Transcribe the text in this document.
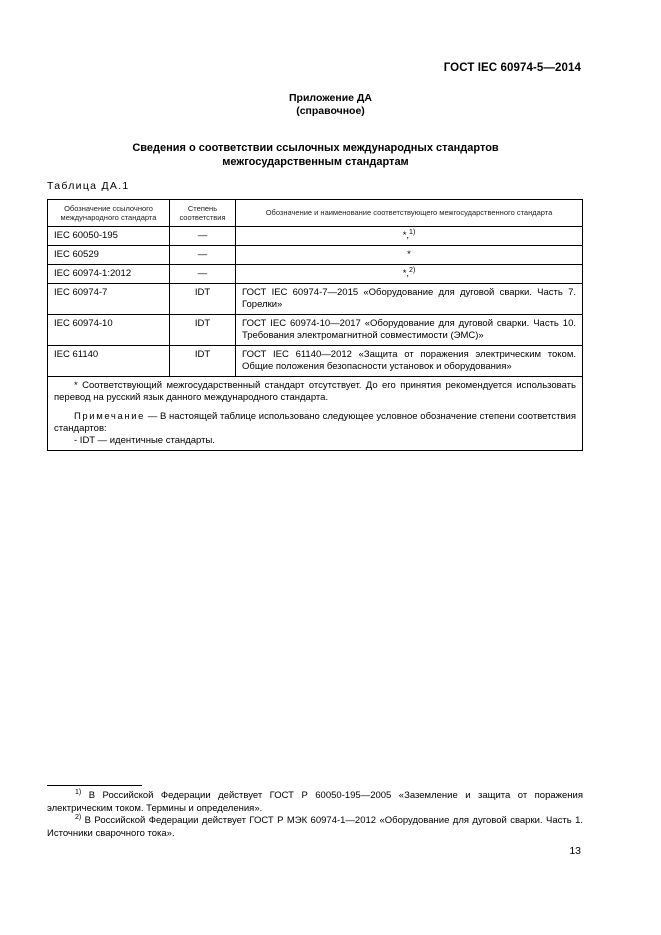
ГОСТ IEC 60974-5—2014
Приложение ДА
(справочное)
Сведения о соответствии ссылочных международных стандартов
межгосударственным стандартам
Таблица ДА.1
Обозначение ссылочного международного стандарта	Степень соответствия	Обозначение и наименование соответствующего межгосударственного стандарта
IEC 60050-195	—	*,$^{1)}$
IEC 60529	—	*
IEC 60974-1:2012	—	*,$^{2)}$
IEC 60974-7	IDT	ГОСТ IEC 60974-7—2015 «Оборудование для дуговой сварки. Часть 7. Горелки»
IEC 60974-10	IDT	ГОСТ IEC 60974-10—2017 «Оборудование для дуговой сварки. Часть 10. Требования электромагнитной совместимости (ЭМС)»
IEC 61140	IDT	ГОСТ IEC 61140—2012 «Защита от поражения электрическим током. Общие положения безопасности установок и оборудования»

* Соответствующий межгосударственный стандарт отсутствует. До его принятия рекомендуется использовать перевод на русский язык данного международного стандарта.

Примечание — В настоящей таблице использовано следующее условное обозначение степени соответствия стандартов:

- IDT — идентичные стандарты.		

$^{1)}$ В Российской Федерации действует ГОСТ Р 60050-195—2005 «Заземление и защита от поражения электрическим током. Термины и определения».
$^{2)}$ В Российской Федерации действует ГОСТ Р МЭК 60974-1—2012 «Оборудование для дуговой сварки. Часть 1. Источники сварочного тока».
13
